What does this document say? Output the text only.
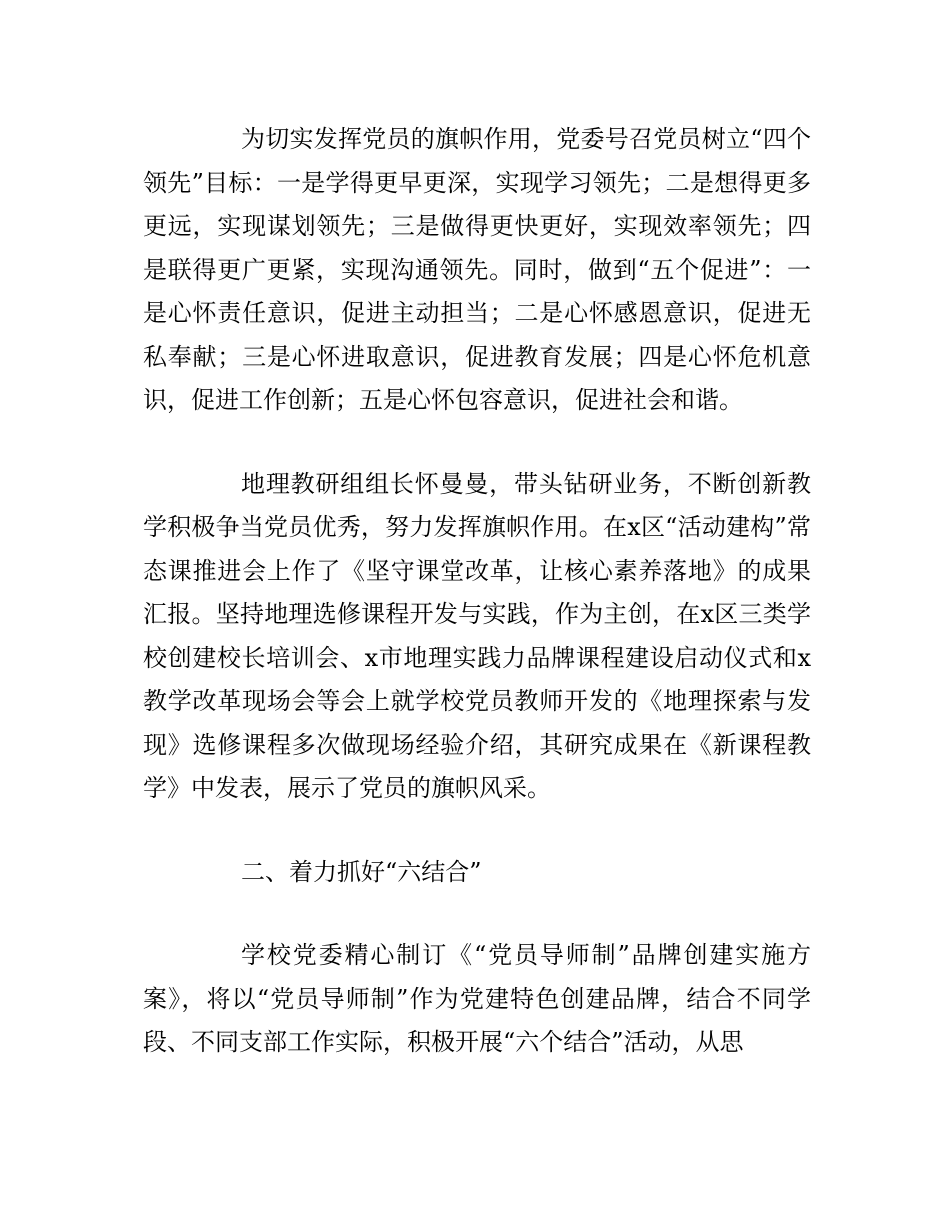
为切实发挥党员的旗帜作用，党委号召党员树立“四个领先”目标：一是学得更早更深，实现学习领先；二是想得更多更远，实现谋划领先；三是做得更快更好，实现效率领先；四是联得更广更紧，实现沟通领先。同时，做到“五个促进”：一是心怀责任意识，促进主动担当；二是心怀感恩意识，促进无私奉献；三是心怀进取意识，促进教育发展；四是心怀危机意识，促进工作创新；五是心怀包容意识，促进社会和谐。

地理教研组组长怀曼曼，带头钻研业务，不断创新教学积极争当党员优秀，努力发挥旗帜作用。在x区“活动建构”常态课推进会上作了《坚守课堂改革，让核心素养落地》的成果汇报。坚持地理选修课程开发与实践，作为主创，在x区三类学校创建校长培训会、x市地理实践力品牌课程建设启动仪式和x教学改革现场会等会上就学校党员教师开发的《地理探索与发现》选修课程多次做现场经验介绍，其研究成果在《新课程教学》中发表，展示了党员的旗帜风采。

二、着力抓好“六结合”

学校党委精心制订《“党员导师制”品牌创建实施方案》，将以“党员导师制”作为党建特色创建品牌，结合不同学段、不同支部工作实际，积极开展“六个结合”活动，从思
